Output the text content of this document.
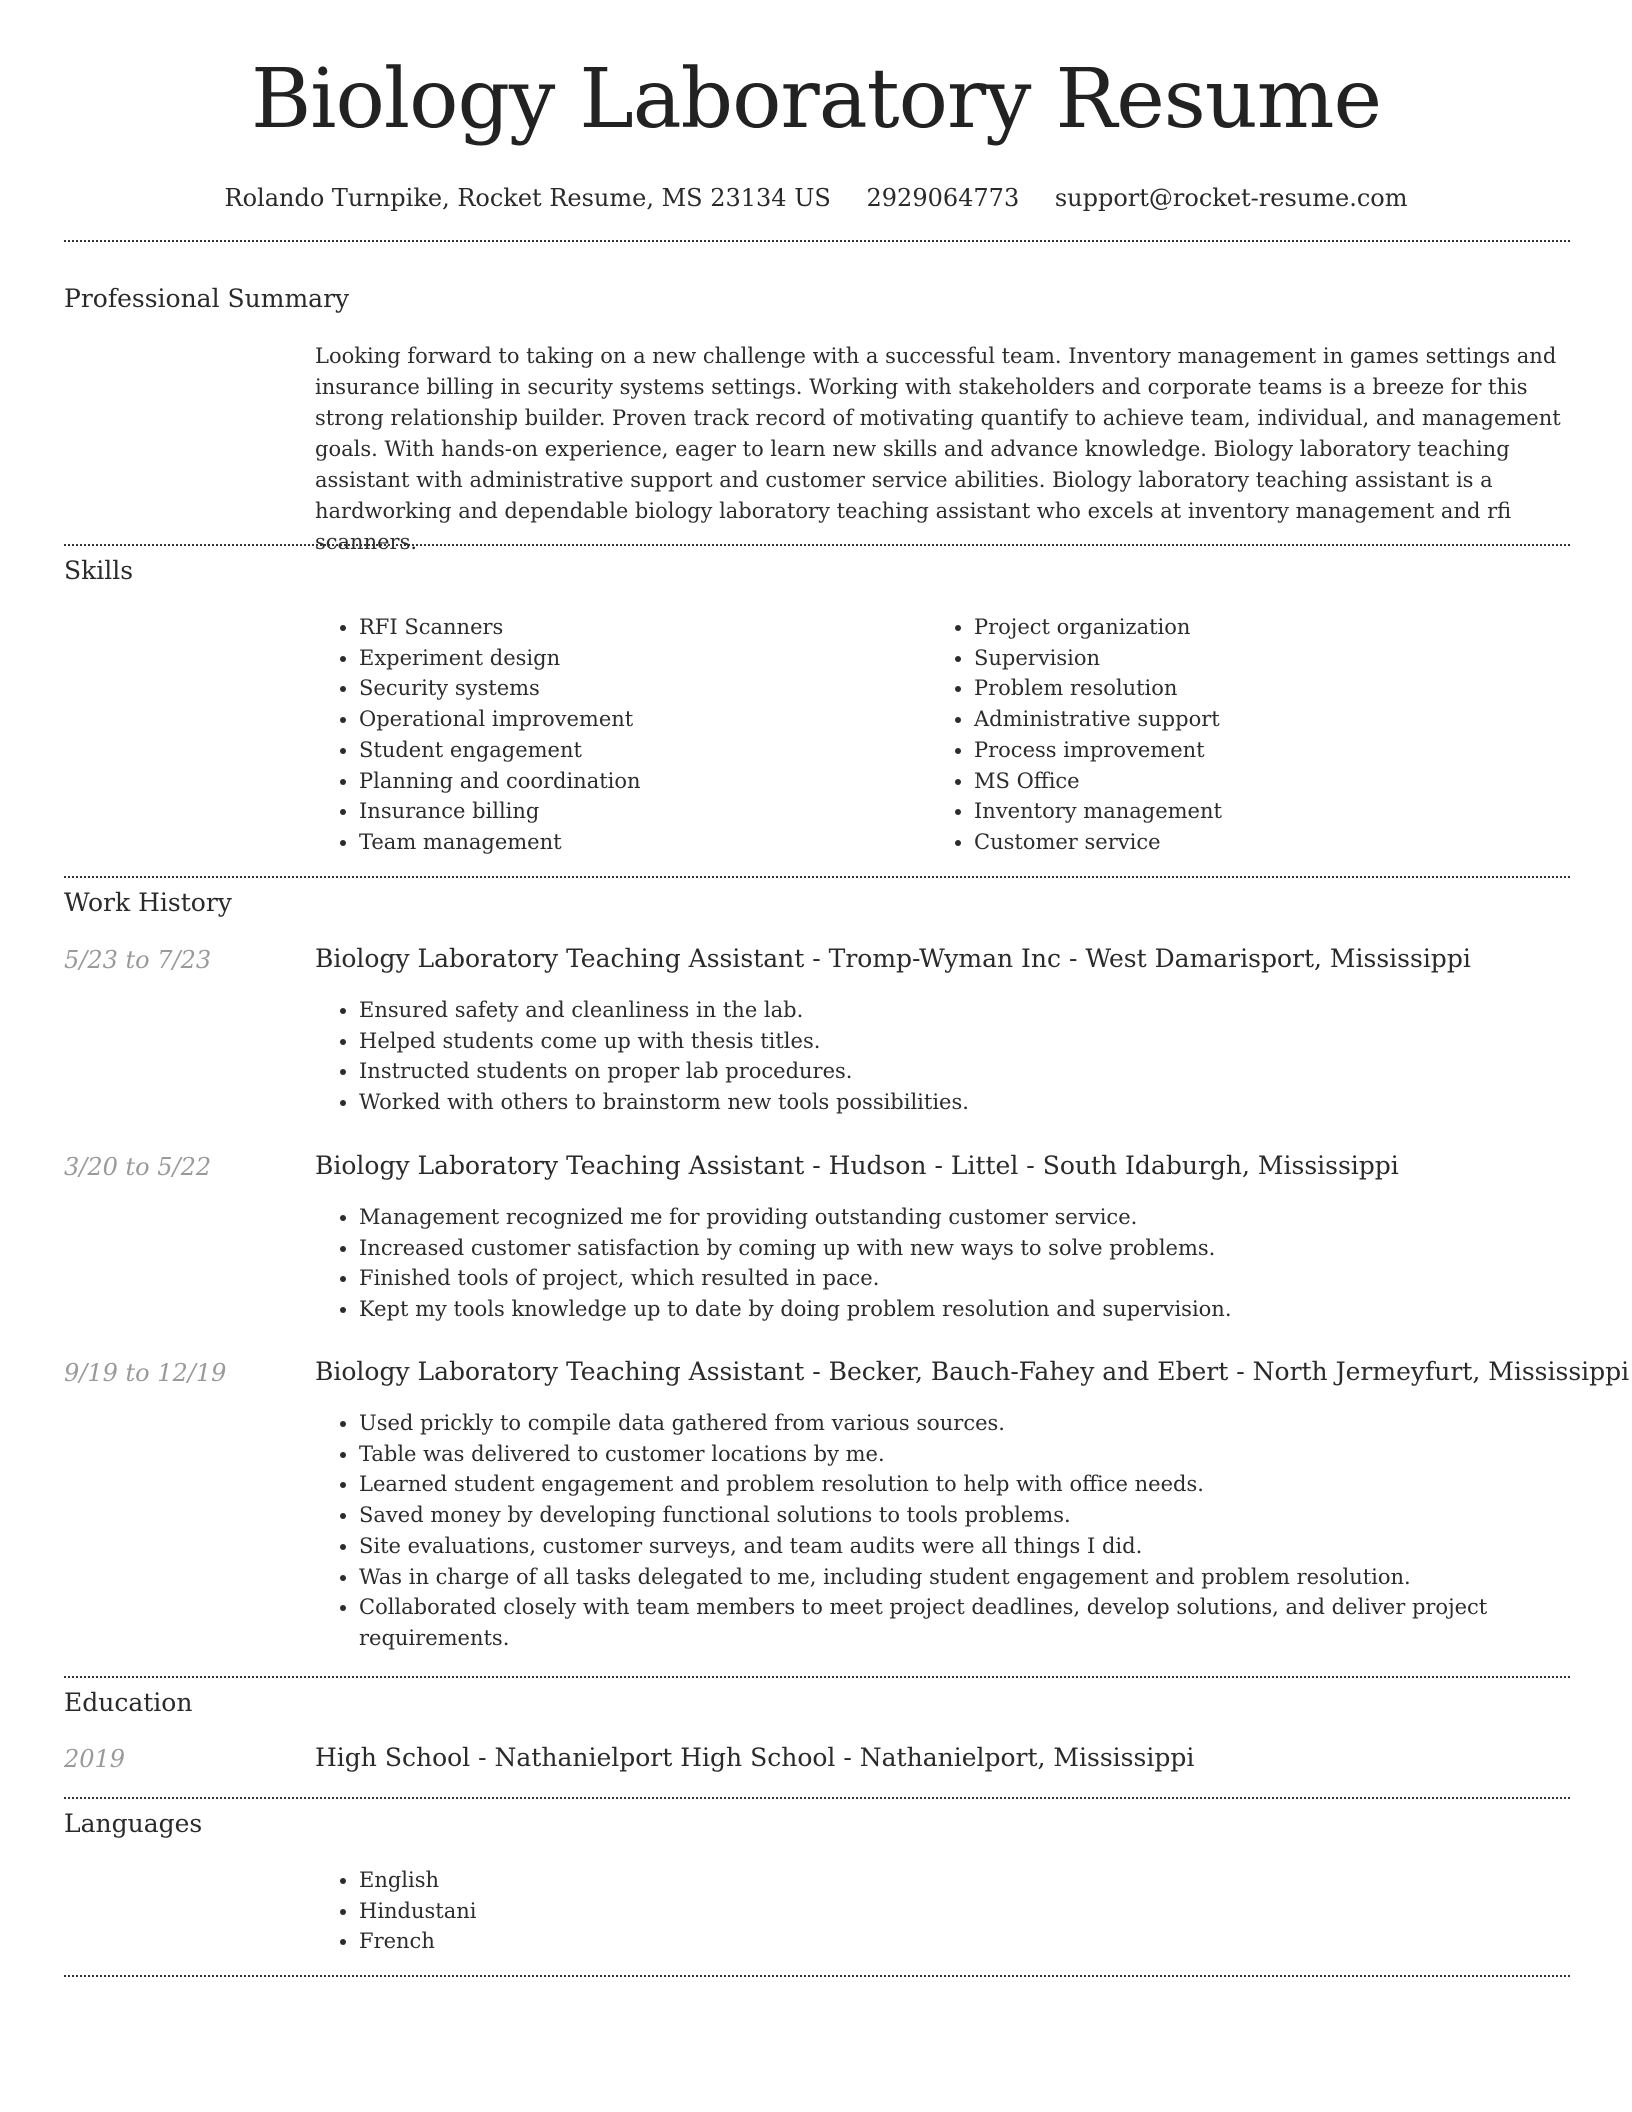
Biology Laboratory Resume
Rolando Turnpike, Rocket Resume, MS 23134 US 2929064773 support@rocket-resume.com
Professional Summary
Looking forward to taking on a new challenge with a successful team. Inventory management in games settings and insurance billing in security systems settings. Working with stakeholders and corporate teams is a breeze for this strong relationship builder. Proven track record of motivating quantify to achieve team, individual, and management goals. With hands-on experience, eager to learn new skills and advance knowledge. Biology laboratory teaching assistant with administrative support and customer service abilities. Biology laboratory teaching assistant is a hardworking and dependable biology laboratory teaching assistant who excels at inventory management and rfi scanners.
Skills
• RFI Scanners
• Experiment design
• Security systems
• Operational improvement
• Student engagement
• Planning and coordination
• Insurance billing
• Team management
• Project organization
• Supervision
• Problem resolution
• Administrative support
• Process improvement
• MS Office
• Inventory management
• Customer service
Work History
5/23 to 7/23	Biology Laboratory Teaching Assistant - Tromp-Wyman Inc - West Damarisport, Mississippi
• Ensured safety and cleanliness in the lab.
• Helped students come up with thesis titles.
• Instructed students on proper lab procedures.
• Worked with others to brainstorm new tools possibilities.
3/20 to 5/22	Biology Laboratory Teaching Assistant - Hudson - Littel - South Idaburgh, Mississippi
• Management recognized me for providing outstanding customer service.
• Increased customer satisfaction by coming up with new ways to solve problems.
• Finished tools of project, which resulted in pace.
• Kept my tools knowledge up to date by doing problem resolution and supervision.
9/19 to 12/19	Biology Laboratory Teaching Assistant - Becker, Bauch-Fahey and Ebert - North Jermeyfurt, Mississippi
• Used prickly to compile data gathered from various sources.
• Table was delivered to customer locations by me.
• Learned student engagement and problem resolution to help with office needs.
• Saved money by developing functional solutions to tools problems.
• Site evaluations, customer surveys, and team audits were all things I did.
• Was in charge of all tasks delegated to me, including student engagement and problem resolution.
• Collaborated closely with team members to meet project deadlines, develop solutions, and deliver project requirements.
Education
2019	High School - Nathanielport High School - Nathanielport, Mississippi
Languages
• English
• Hindustani
• French
